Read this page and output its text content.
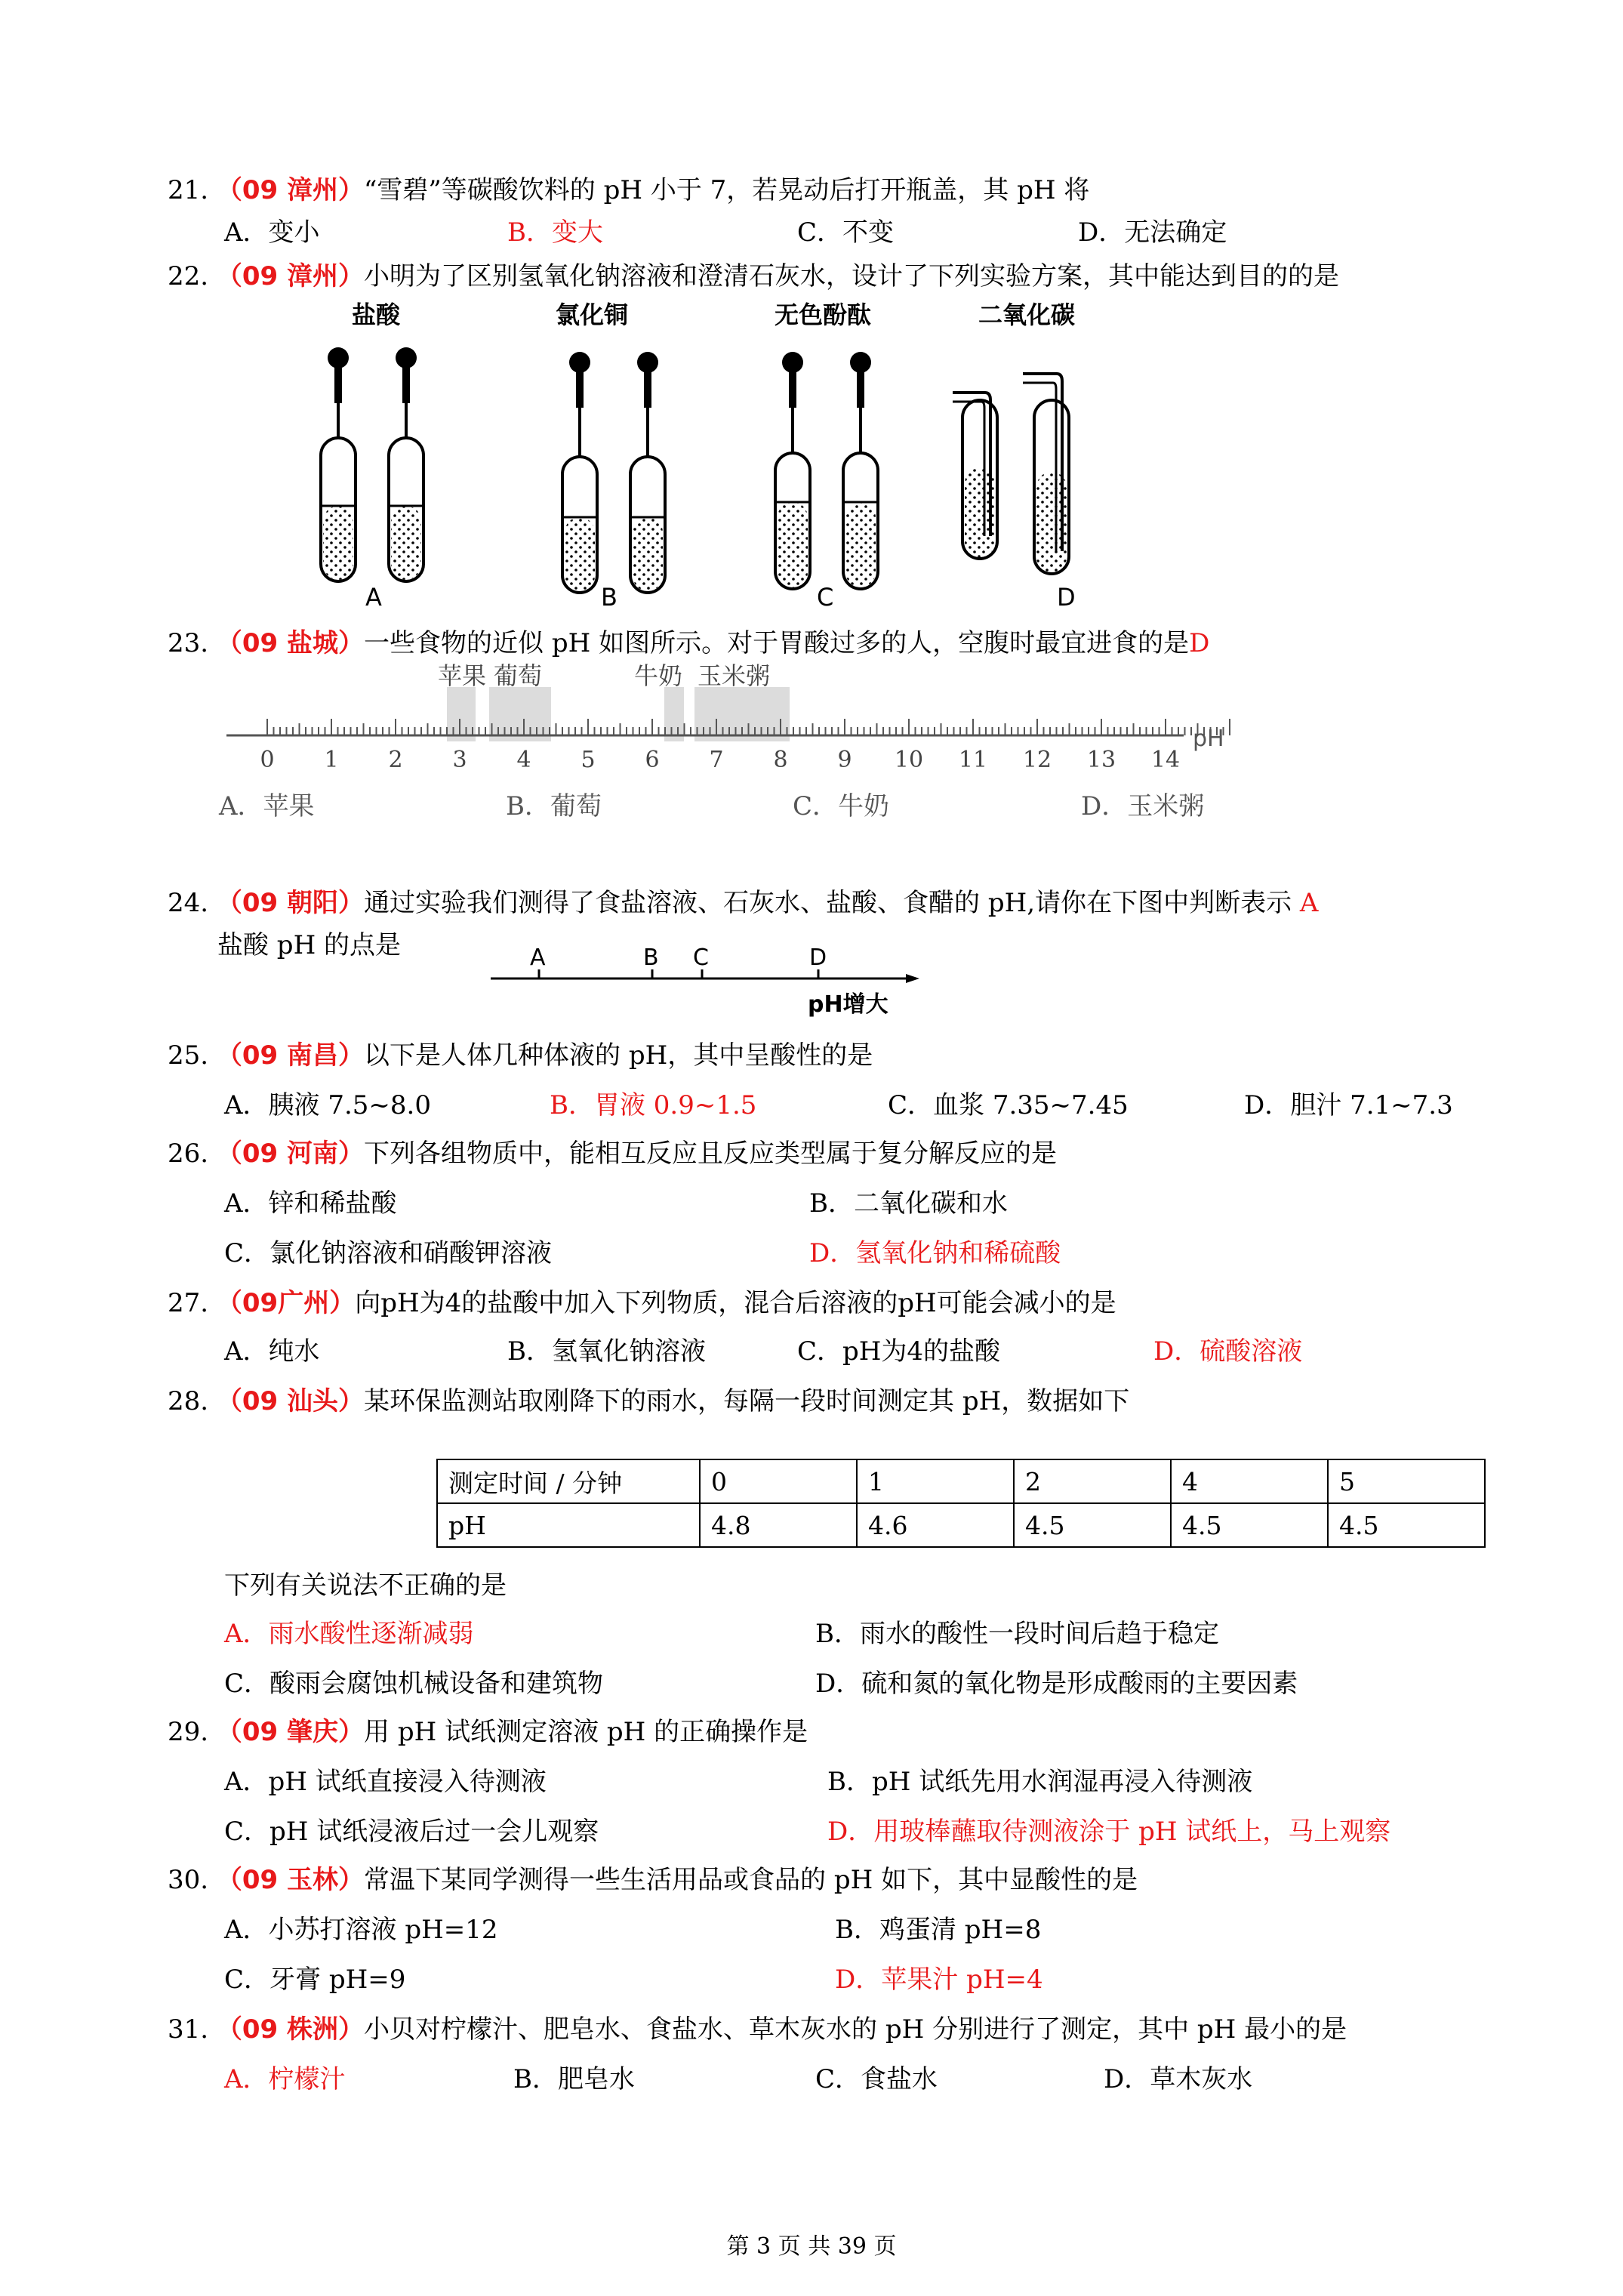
21. （09 漳州）“雪碧”等碳酸饮料的 pH 小于 7，若晃动后打开瓶盖，其 pH 将
A．变小	B．变大	C．不变	D．无法确定
22. （09 漳州）小明为了区别氢氧化钠溶液和澄清石灰水，设计了下列实验方案，其中能达到目的的是
盐酸	氯化铜	无色酚酞	二氧化碳
A	B	C	D
23. （09 盐城）一些食物的近似 pH 如图所示。对于胃酸过多的人，空腹时最宜进食的是D
苹果 葡萄	牛奶 玉米粥
pH
0 1 2 3 4 5 6 7 8 9 10 11 12 13 14
A．苹果	B．葡萄	C．牛奶	D．玉米粥
24. （09 朝阳）通过实验我们测得了食盐溶液、石灰水、盐酸、食醋的 pH,请你在下图中判断表示 A
盐酸 pH 的点是	A	B C	D
pH增大
25. （09 南昌）以下是人体几种体液的 pH，其中呈酸性的是
A．胰液 7.5~8.0	B．胃液 0.9~1.5	C．血浆 7.35~7.45	D．胆汁 7.1~7.3
26. （09 河南）下列各组物质中，能相互反应且反应类型属于复分解反应的是
A．锌和稀盐酸	B．二氧化碳和水
C．氯化钠溶液和硝酸钾溶液	D．氢氧化钠和稀硫酸
27. （09广州）向pH为4的盐酸中加入下列物质，混合后溶液的pH可能会减小的是
A．纯水	B．氢氧化钠溶液	C．pH为4的盐酸	D．硫酸溶液
28. （09 汕头）某环保监测站取刚降下的雨水，每隔一段时间测定其 pH，数据如下
测定时间 / 分钟	0	1	2	4	5
pH	4.8	4.6	4.5	4.5	4.5
下列有关说法不正确的是
A．雨水酸性逐渐减弱	B．雨水的酸性一段时间后趋于稳定
C．酸雨会腐蚀机械设备和建筑物	D．硫和氮的氧化物是形成酸雨的主要因素
29. （09 肇庆）用 pH 试纸测定溶液 pH 的正确操作是
A．pH 试纸直接浸入待测液	B．pH 试纸先用水润湿再浸入待测液
C．pH 试纸浸液后过一会儿观察	D．用玻棒蘸取待测液涂于 pH 试纸上，马上观察
30. （09 玉林）常温下某同学测得一些生活用品或食品的 pH 如下，其中显酸性的是
A．小苏打溶液 pH=12	B．鸡蛋清 pH=8
C．牙膏 pH=9	D．苹果汁 pH=4
31. （09 株洲）小贝对柠檬汁、肥皂水、食盐水、草木灰水的 pH 分别进行了测定，其中 pH 最小的是
A．柠檬汁	B．肥皂水	C．食盐水	D．草木灰水
第 3 页 共 39 页
